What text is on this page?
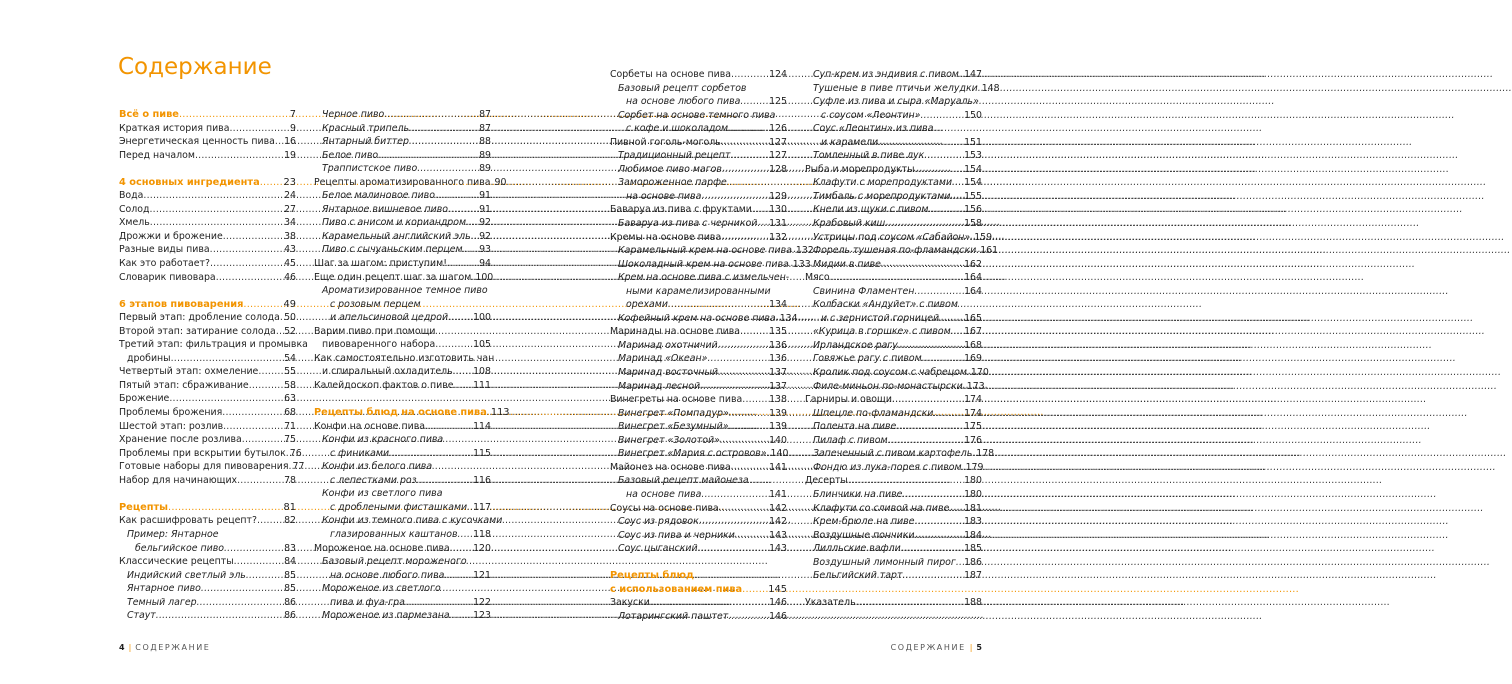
Содержание
Всё о пиве .....	7
Краткая история пива .....	9
Энергетическая ценность пива ..... 16
Перед началом .....	19
4 основных ингредиента ..... 23
Вода .....	24
Солод .....	27
Хмель .....	34
Дрожжи и брожение .....	38
Разные виды пива .....	43
Как это работает? .....	45
Словарик пивовара .....	46
6 этапов пивоварения .....	49
Первый этап: дробление солода ..... 50
Второй этап: затирание солода ..... 52
Третий этап: фильтрация и промывка
дробины .....	54
Четвертый этап: охмеление .....	55
Пятый этап: сбраживание .....	58
Брожение .....	63
Проблемы брожения .....	68
Шестой этап: розлив .....	71
Хранение после розлива .....	75
Проблемы при вскрытии бутылок ..... 76
Готовые наборы для пивоварения ..... 77
Набор для начинающих .....	78
Рецепты .....	81
Как расшифровать рецепт? .....	82
Пример: Янтарное
бельгийское пиво .....	83
Классические рецепты .....	84
Индийский светлый эль .....	85
Янтарное пиво .....	85
Темный лагер .....	86
Стаут .....	86
Черное пиво .....	87
Красный трипель .....	87
Янтарный биттер .....	88
Белое пиво .....	89
Траппистское пиво .....	89
Рецепты ароматизированного пива ..... 90
Белое малиновое пиво .....	91
Янтарное вишневое пиво .....	91
Пиво с анисом и кориандром ..... 92
Карамельный английский эль ..... 92
Пиво с сычуаньским перцем ..... 93
Шаг за шагом: приступим! .....	94
Еще один рецепт шаг за шагом ..... 100
Ароматизированное темное пиво
с розовым перцем
и апельсиновой цедрой .....	100
Варим пиво при помощи
пивоваренного набора .....	105
Как самостоятельно изготовить чан
и спиральный охладитель ..... 108
Калейдоскоп фактов о пиве ..... 111
Рецепты блюд на основе пива ..... 113
Конфи на основе пива .....	114
Конфи из красного пива
с финиками .....	115
Конфи из белого пива
с лепестками роз .....	116
Конфи из светлого пива
с дроблеными фисташками ..... 117
Конфи из темного пива с кусочками
глазированных каштанов ..... 118
Мороженое на основе пива ..... 120
Базовый рецепт мороженого
на основе любого пива .....	121
Мороженое из светлого
пива и фуа-гра .....	122
Мороженое из пармезана ..... 123
Сорбеты на основе пива .....	124
Базовый рецепт сорбетов
на основе любого пива .....	125
Сорбет на основе темного пива
с кофе и шоколадом .....	126
Пивной гоголь-моголь .....	127
Традиционный рецепт .....	127
Любимое пиво магов .....	128
Замороженное парфе
на основе пива .....	129
Баваруа из пива с фруктами ..... 130
Баваруа из пива с черникой ..... 131
Кремы на основе пива .....	132
Карамельный крем на основе пива ..... 132
Шоколадный крем на основе пива ..... 133
Крем на основе пива с измельчен-
ными карамелизированными
орехами .....	134
Кофейный крем на основе пива ..... 134
Маринады на основе пива .....	135
Маринад охотничий .....	136
Маринад «Океан» .....	136
Маринад восточный .....	137
Маринад лесной .....	137
Винегреты на основе пива .....	138
Винегрет «Помпадур» .....	139
Винегрет «Безумный» .....	139
Винегрет «Золотой» .....	140
Винегрет «Мария с островов» ..... 140
Майонез на основе пива .....	141
Базовый рецепт майонеза
на основе пива .....	141
Соусы на основе пива .....	142
Соус из рядовок .....	142
Соус из пива и черники .....	143
Соус цыганский .....	143
Рецепты блюд
с использованием пива .....	145
Закуски .....	146
Лотарингский паштет .....	146
Суп-крем из эндивия с пивом ..... 147
Тушеные в пиве птичьи желудки ..... 148
Суфле из пива и сыра «Маруаль»
с соусом «Леонтин» .....	150
Соус «Леонтин» из пива
и карамели .....	151
Томленный в пиве лук .....	153
Рыба и морепродукты .....	154
Клафути с морепродуктами ..... 154
Тимбаль с морепродуктами ..... 155
Кнели из щуки с пивом .....	156
Крабовый киш .....	158
Устрицы под соусом «Сабайон» ..... 159
Форель тушеная по-фламандски ..... 161
Мидии в пиве .....	162
Мясо .....	164
Свинина Фламентен .....	164
Колбаски «Андуйет» с пивом
и с зернистой горчицей .....	165
«Курица в горшке» с пивом ..... 167
Ирландское рагу .....	168
Говяжье рагу с пивом .....	169
Кролик под соусом с чабрецом ..... 170
Филе-миньон по-монастырски ..... 173
Гарниры и овощи .....	174
Шпецле по-фламандски .....	174
Полента на пиве .....	175
Пилаф с пивом .....	176
Запеченный с пивом картофель ..... 178
Фондю из лука-порея с пивом ..... 179
Десерты .....	180
Блинчики на пиве .....	180
Клафути со сливой на пиве ..... 181
Крем-брюле на пиве .....	183
Воздушные пончики .....	184
Лилльские вафли .....	185
Воздушный лимонный пирог ..... 186
Бельгийский тарт .....	187
Указатель .....	188
4 | СОДЕРЖАНИЕ	СОДЕРЖАНИЕ | 5
